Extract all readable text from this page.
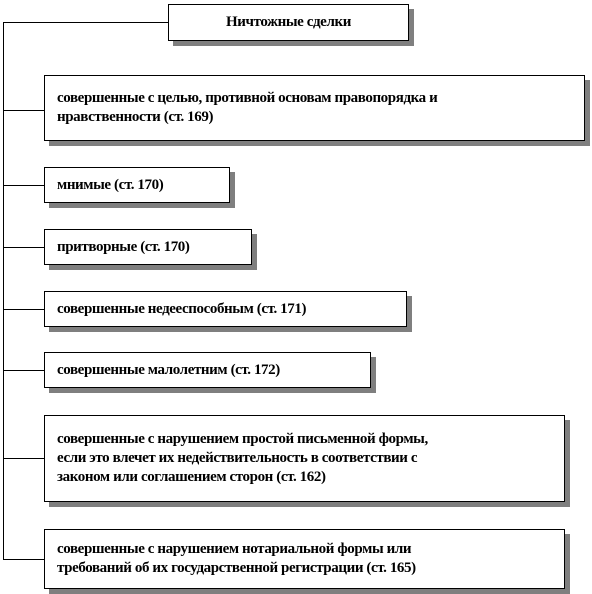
Ничтожные сделки
совершенные с целью, противной основам правопорядка и
нравственности (ст. 169)
мнимые (ст. 170)
притворные (ст. 170)
совершенные недееспособным (ст. 171)
совершенные малолетним (ст. 172)
совершенные с нарушением простой письменной формы,
если это влечет их недействительность в соответствии с
законом или соглашением сторон (ст. 162)
совершенные с нарушением нотариальной формы или
требований об их государственной регистрации (ст. 165)
